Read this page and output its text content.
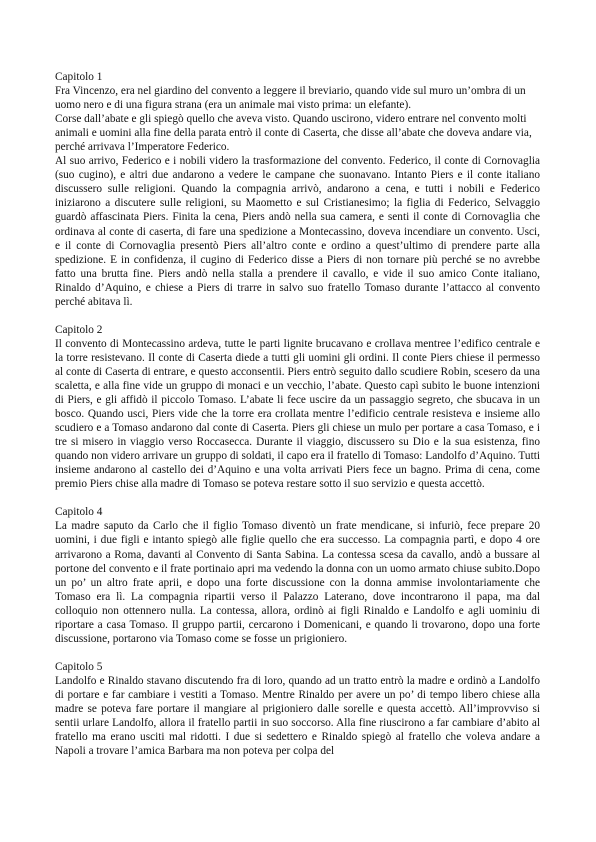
Capitolo 1

Fra Vincenzo, era nel giardino del convento a leggere il breviario, quando vide sul muro un’ombra di un uomo nero e di una figura strana (era un animale mai visto prima: un elefante).

Corse dall’abate e gli spiegò quello che aveva visto. Quando uscirono, videro entrare nel convento molti animali e uomini alla fine della parata entrò il conte di Caserta, che disse all’abate che doveva andare via, perché arrivava l’Imperatore Federico.

Al suo arrivo, Federico e i nobili videro la trasformazione del convento. Federico, il conte di Cornovaglia (suo cugino), e altri due andarono a vedere le campane che suonavano. Intanto Piers e il conte italiano discussero sulle religioni. Quando la compagnia arrivò, andarono a cena, e tutti i nobili e Federico iniziarono a discutere sulle religioni, su Maometto e sul Cristianesimo; la figlia di Federico, Selvaggio guardò affascinata Piers. Finita la cena, Piers andò nella sua camera, e senti il conte di Cornovaglia che ordinava al conte di caserta, di fare una spedizione a Montecassino, doveva incendiare un convento. Usci, e il conte di Cornovaglia presentò Piers all’altro conte e ordino a quest’ultimo di prendere parte alla spedizione. E in confidenza, il cugino di Federico disse a Piers di non tornare più perché se no avrebbe fatto una brutta fine. Piers andò nella stalla a prendere il cavallo, e vide il suo amico Conte italiano, Rinaldo d’Aquino, e chiese a Piers di trarre in salvo suo fratello Tomaso durante l’attacco al convento perché abitava lì.

Capitolo 2

Il convento di Montecassino ardeva, tutte le parti lignite brucavano e crollava mentree l’edifico centrale e la torre resistevano. Il conte di Caserta diede a tutti gli uomini gli ordini. Il conte Piers chiese il permesso al conte di Caserta di entrare, e questo acconsentii. Piers entrò seguito dallo scudiere Robin, scesero da una scaletta, e alla fine vide un gruppo di monaci e un vecchio, l’abate. Questo capì subito le buone intenzioni di Piers, e gli affidò il piccolo Tomaso. L’abate li fece uscire da un passaggio segreto, che sbucava in un bosco. Quando usci, Piers vide che la torre era crollata mentre l’edificio centrale resisteva e insieme allo scudiero e a Tomaso andarono dal conte di Caserta. Piers gli chiese un mulo per portare a casa Tomaso, e i tre si misero in viaggio verso Roccasecca. Durante il viaggio, discussero su Dio e la sua esistenza, fino quando non videro arrivare un gruppo di soldati, il capo era il fratello di Tomaso: Landolfo d’Aquino. Tutti insieme andarono al castello dei d’Aquino e una volta arrivati Piers fece un bagno. Prima di cena, come premio Piers chise alla madre di Tomaso se poteva restare sotto il suo servizio e questa accettò.

Capitolo 4

La madre saputo da Carlo che il figlio Tomaso diventò un frate mendicane, si infuriò, fece prepare 20 uomini, i due figli e intanto spiegò alle figlie quello che era successo. La compagnia partì, e dopo 4 ore arrivarono a Roma, davanti al Convento di Santa Sabina. La contessa scesa da cavallo, andò a bussare al portone del convento e il frate portinaio apri ma vedendo la donna con un uomo armato chiuse subito.Dopo un po’ un altro frate aprii, e dopo una forte discussione con la donna ammise involontariamente che Tomaso era lì. La compagnia ripartii verso il Palazzo Laterano, dove incontrarono il papa, ma dal colloquio non ottennero nulla. La contessa, allora, ordinò ai figli Rinaldo e Landolfo e agli uominiu di riportare a casa Tomaso. Il gruppo partii, cercarono i Domenicani, e quando li trovarono, dopo una forte discussione, portarono via Tomaso come se fosse un prigioniero.

Capitolo 5

Landolfo e Rinaldo stavano discutendo fra di loro, quando ad un tratto entrò la madre e ordinò a Landolfo di portare e far cambiare i vestiti a Tomaso. Mentre Rinaldo per avere un po’ di tempo libero chiese alla madre se poteva fare portare il mangiare al prigioniero dalle sorelle e questa accettò. All’improvviso si sentii urlare Landolfo, allora il fratello partii in suo soccorso. Alla fine riuscirono a far cambiare d’abito al fratello ma erano usciti mal ridotti. I due si sedettero e Rinaldo spiegò al fratello che voleva andare a Napoli a trovare l’amica Barbara ma non poteva per colpa del
